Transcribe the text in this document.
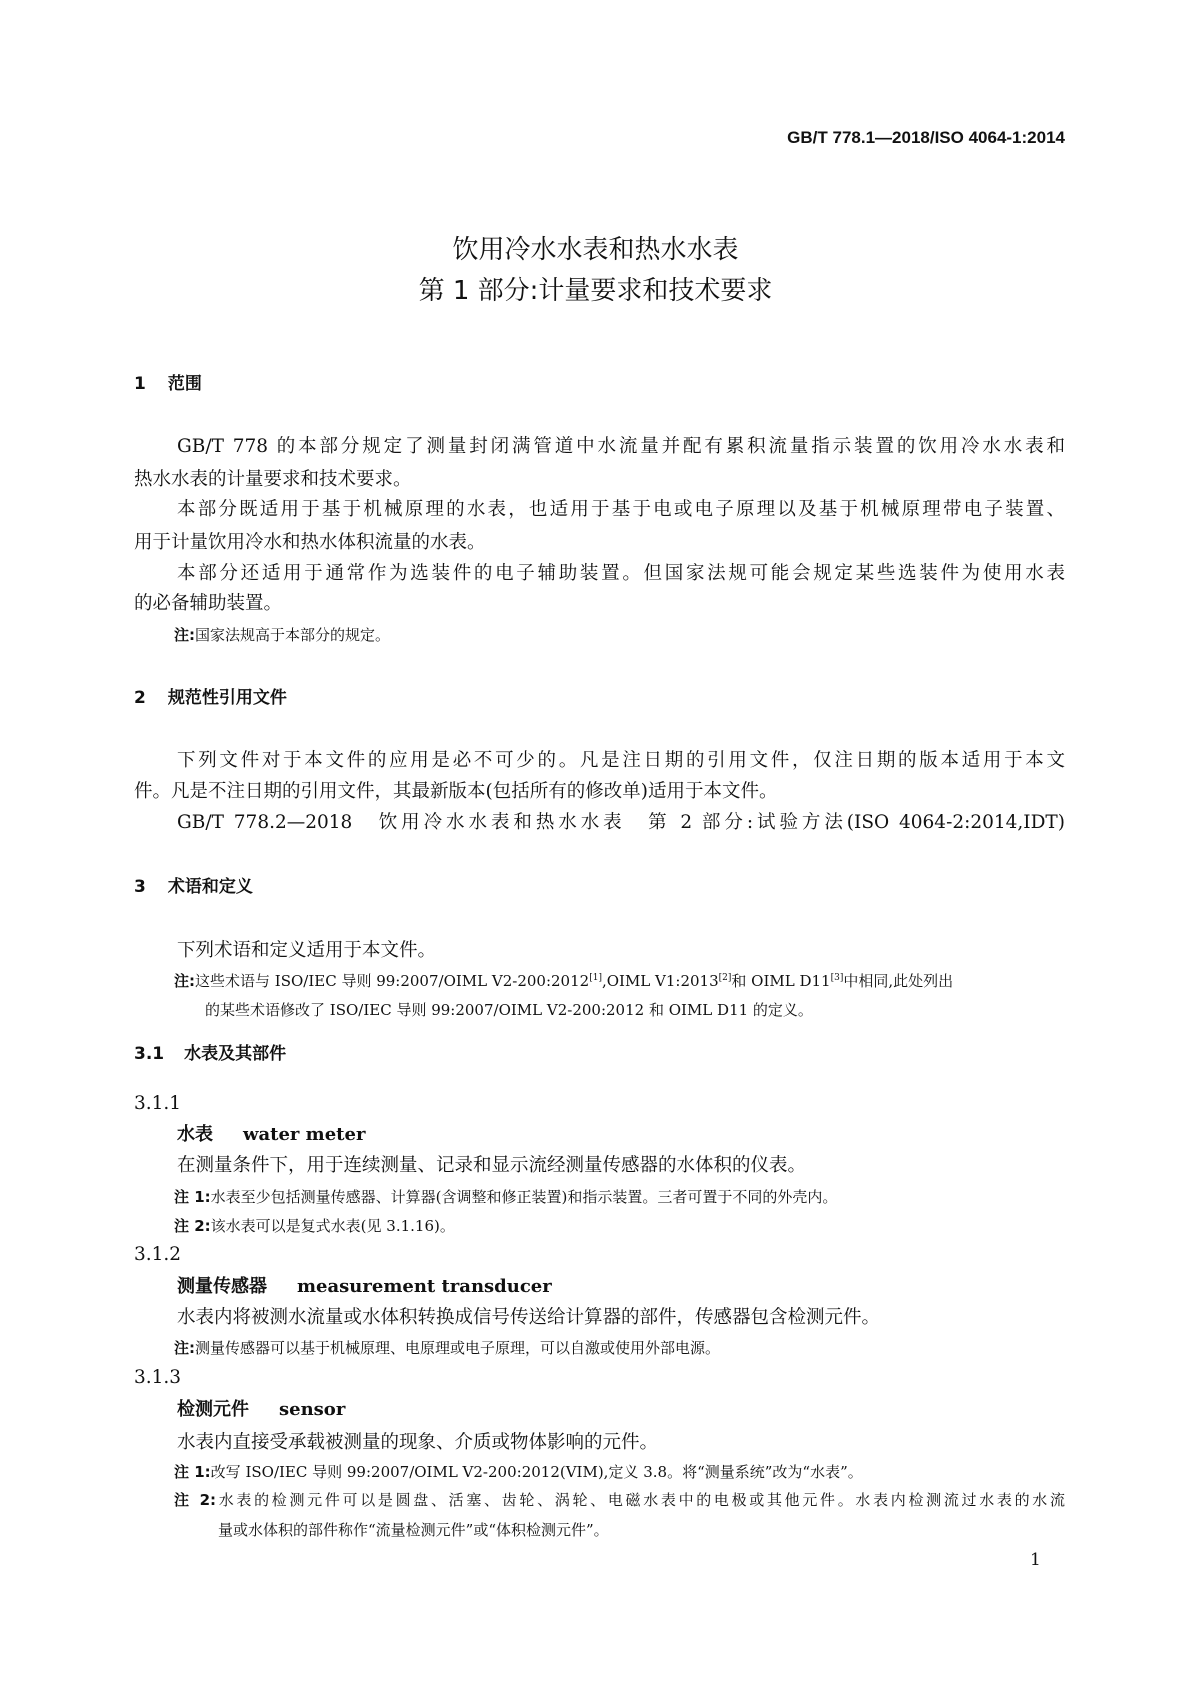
GB/T 778.1—2018/ISO 4064-1:2014
饮用冷水水表和热水水表
第 1 部分:计量要求和技术要求
1 范围
GB/T 778 的本部分规定了测量封闭满管道中水流量并配有累积流量指示装置的饮用冷水水表和
热水水表的计量要求和技术要求。
本部分既适用于基于机械原理的水表，也适用于基于电或电子原理以及基于机械原理带电子装置、
用于计量饮用冷水和热水体积流量的水表。
本部分还适用于通常作为选装件的电子辅助装置。但国家法规可能会规定某些选装件为使用水表
的必备辅助装置。
注:国家法规高于本部分的规定。
2 规范性引用文件
下列文件对于本文件的应用是必不可少的。凡是注日期的引用文件，仅注日期的版本适用于本文
件。凡是不注日期的引用文件，其最新版本(包括所有的修改单)适用于本文件。
GB/T 778.2—2018　饮用冷水水表和热水水表　第 2 部分:试验方法(ISO 4064-2:2014,IDT)
3 术语和定义
下列术语和定义适用于本文件。
注:这些术语与 ISO/IEC 导则 99:2007/OIML V2-200:2012[1],OIML V1:2013[2]和 OIML D11[3]中相同,此处列出
的某些术语修改了 ISO/IEC 导则 99:2007/OIML V2-200:2012 和 OIML D11 的定义。
3.1 水表及其部件
3.1.1
水表 water meter
在测量条件下，用于连续测量、记录和显示流经测量传感器的水体积的仪表。
注 1:水表至少包括测量传感器、计算器(含调整和修正装置)和指示装置。三者可置于不同的外壳内。
注 2:该水表可以是复式水表(见 3.1.16)。
3.1.2
测量传感器 measurement transducer
水表内将被测水流量或水体积转换成信号传送给计算器的部件，传感器包含检测元件。
注:测量传感器可以基于机械原理、电原理或电子原理，可以自激或使用外部电源。
3.1.3
检测元件 sensor
水表内直接受承载被测量的现象、介质或物体影响的元件。
注 1:改写 ISO/IEC 导则 99:2007/OIML V2-200:2012(VIM),定义 3.8。将“测量系统”改为“水表”。
注 2:水表的检测元件可以是圆盘、活塞、齿轮、涡轮、电磁水表中的电极或其他元件。水表内检测流过水表的水流
量或水体积的部件称作“流量检测元件”或“体积检测元件”。
1
